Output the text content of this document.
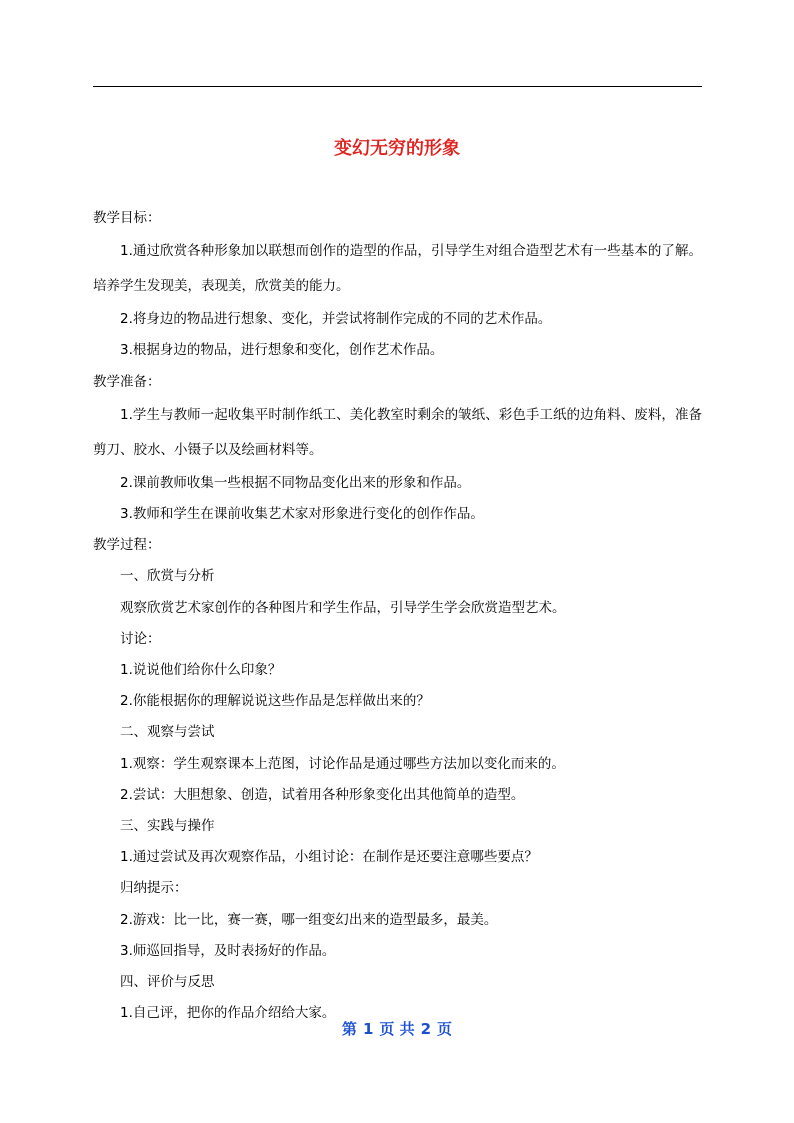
变幻无穷的形象

教学目标：

1.通过欣赏各种形象加以联想而创作的造型的作品，引导学生对组合造型艺术有一些基本的了解。培养学生发现美，表现美，欣赏美的能力。

2.将身边的物品进行想象、变化，并尝试将制作完成的不同的艺术作品。

3.根据身边的物品，进行想象和变化，创作艺术作品。

教学准备：

1.学生与教师一起收集平时制作纸工、美化教室时剩余的皱纸、彩色手工纸的边角料、废料，准备剪刀、胶水、小镊子以及绘画材料等。

2.课前教师收集一些根据不同物品变化出来的形象和作品。

3.教师和学生在课前收集艺术家对形象进行变化的创作作品。

教学过程：

一、欣赏与分析

观察欣赏艺术家创作的各种图片和学生作品，引导学生学会欣赏造型艺术。

讨论：

1.说说他们给你什么印象？

2.你能根据你的理解说说这些作品是怎样做出来的？

二、观察与尝试

1.观察：学生观察课本上范图，讨论作品是通过哪些方法加以变化而来的。

2.尝试：大胆想象、创造，试着用各种形象变化出其他简单的造型。

三、实践与操作

1.通过尝试及再次观察作品，小组讨论：在制作是还要注意哪些要点？

归纳提示：

2.游戏：比一比，赛一赛，哪一组变幻出来的造型最多，最美。

3.师巡回指导，及时表扬好的作品。

四、评价与反思

1.自己评，把你的作品介绍给大家。

第 1 页 共 2 页
